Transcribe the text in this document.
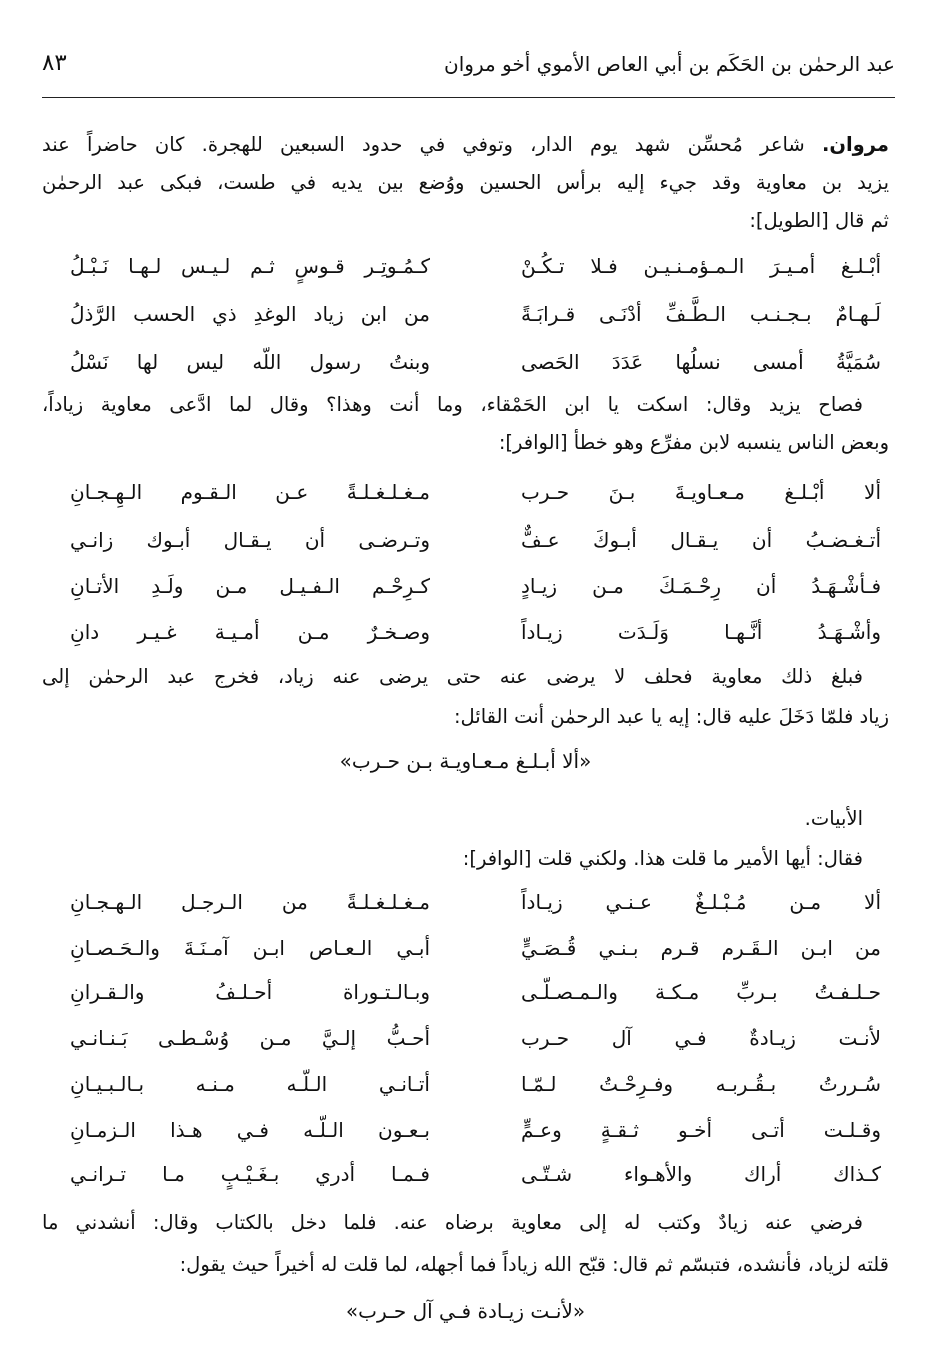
عبد الرحمٰن بن الحَكَم بن أبي العاص الأموي أخو مروان
٨٣
مروان. شاعر مُحسِّن شهد يوم الدار، وتوفي في حدود السبعين للهجرة. كان حاضراً عند
يزيد بن معاوية وقد جيء إليه برأس الحسين ووُضع بين يديه في طست، فبكى عبد الرحمٰن
ثم قال [الطويل]:
أبْـلـغ أمـيـرَ الـمـؤمـنـيـن فـلا تـكُـنْ
كـمُـوتِـر قـوسٍ ثـم لـيـس لـهـا نَـبْـلُ
لَـهـامٌ بـجـنـب الـطَّـفِّ أدْنَـى قـرابَـةً
من ابن زياد الوغدِ ذي الحسب الرَّذلُ
سُمَيَّةُ أمسى نسلُها عَدَدَ الحَصى
وبنتُ رسول اللّه ليس لها نَسْلُ
فصاح يزيد وقال: اسكت يا ابن الحَمْقاء، وما أنت وهذا؟ وقال لما ادَّعى معاوية زياداً،
وبعض الناس ينسبه لابن مفرِّع وهو خطأ [الوافر]:
ألا أبْـلـغ مـعـاويـةَ بـنَ حـرب
مـغـلـغـلـةً عـن الـقـوم الـهِـجـانِ
أتـغـضـبُ أن يـقـال أبـوكَ عـفٌّ
وتـرضـى أن يـقـال أبـوك زانـي
فـأشْـهَـدُ أن رِحْـمَـكَ مـن زيـادٍ
كـرِحْـم الـفـيـل مـن ولَـدِ الأتـانِ
وأشْـهَـدُ أنَّـهـا وَلَـدَت زيـاداً
وصـخـرٌ مـن أمـيـة غـيـر دانِ
فبلغ ذلك معاوية فحلف لا يرضى عنه حتى يرضى عنه زياد، فخرج عبد الرحمٰن إلى
زياد فلمّا دَخَلَ عليه قال: إيه يا عبد الرحمٰن أنت القائل:
«ألا أبـلـغ مـعـاويـة بـن حـرب»
الأبيات.
فقال: أيها الأمير ما قلت هذا. ولكني قلت [الوافر]:
ألا مـن مُـبْـلـغٌ عـنـي زيـاداً
مـغـلـغـلـةً من الـرجـل الـهـجـانِ
من ابـن الـقَـرم قـرم بـنـي قُـصَـيٍّ
أبـي الـعـاص ابـن آمـنَـةَ والـحَـصـانِ
حـلـفـتُ بـربِّ مـكـة والـمـصـلّـى
وبـالـتـوراة أحـلـفُ والـقـرانِ
لأنـت زيـادةٌ فـي آل حـرب
أحـبُّ إلـيَّ مـن وُسْـطـى بَـنـانـي
سُـررتُ بـقُـربـه وفـرِحْـتُ لـمّـا
أتـانـي الـلّـه مـنـه بـالـبـيـانِ
وقـلـت أتـى أخـو ثـقـةٍ وعـمٍّ
بـعـون الـلّـه فـي هـذا الـزمـانِ
كـذاك أراك والأهـواء شـتّـى
فـمـا أدري بـغَـيْـبٍ مـا تـرانـي
فرضي عنه زيادٌ وكتب له إلى معاوية برضاه عنه. فلما دخل بالكتاب وقال: أنشدني ما
قلته لزياد، فأنشده، فتبسّم ثم قال: قبّح الله زياداً فما أجهله، لما قلت له أخيراً حيث يقول:
«لأنـت زيـادة فـي آل حـرب»
